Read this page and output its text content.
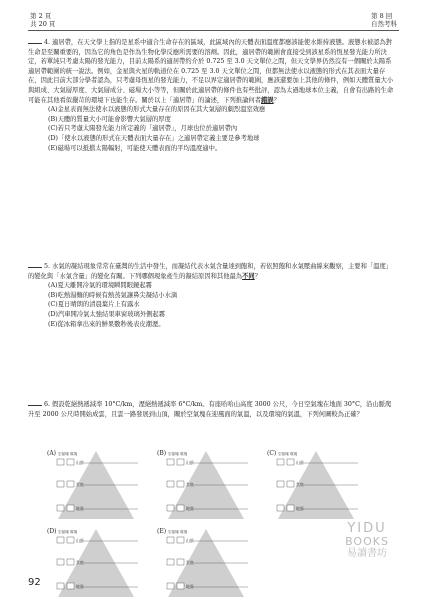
第 2 頁
共 20 頁
第 8 回
自然考科

4. 適居帶，在天文學上指的是星系中適合生命存在的區域，此區域內的天體表面溫度都應該能使水維持液態。液態水被認為對生命是至關重要的，因為它的角色是作為生物化學反應所需要的溶劑。因此，適居帶的範圍會直接受到該星系的恆星發光能力所決定，若單純只考慮太陽的發光能力，目前太陽系的適居帶約介於 0.725 至 3.0 天文單位之間，但天文學界仍然沒有一個關於太陽系適居帶範圍的統一說法。例如，金星與火星的軌道位在 0.725 至 3.0 天文單位之間，但都無法使水以液態的形式在其表面大量存在，因此目前大部分學者認為，只考慮母恆星的發光能力，不足以界定適居帶的範圍，應該還要加上其他的條件，例如天體質量大小與組成、大氣層厚度、大氣層成分、磁場大小等等，但關於此適居帶的條件也有些批評，認為太過地球本位主義，自會有出路的生命可能在其他看似嚴苛的環境下也能生存。關於以上「適居帶」的論述，下列推論何者錯誤？

(A)金星表面無法使水以液態的形式大量存在的原因在其大氣層的劇烈溫室效應
(B)天體的質量大小可能會影響大氣層的厚度
(C)若只考慮太陽發光能力所定義的「適居帶」，月球也位於適居帶內
(D)「使水以液態的形式在天體表面大量存在」之適居帶定義主要是參考地球
(E)磁場可以抵擋太陽輻射，可能使天體表面的平均溫度適中。

5. 水氣的凝結現象常常在臺灣的生活中發生，而凝結代表水氣含量達到飽和，若依照飽和水氣壓曲線來觀察，主要和「溫度」的變化與「水氣含量」的變化有關。下列哪個現象產生的凝結原因和其他最為不同？

(A)夏天離開冷氣的環境瞬間眼鏡起霧
(B)吃熱湯麵的時候有熱蒸氣讓鼻尖凝結小水滴
(C)夏日晴朗的清晨葉片上有露水
(D)汽車開冷氣太強結果車窗玻璃外側起霧
(E)從冰箱拿出來的鮮果數秒後表皮潮溼。

6. 假設乾絕熱遞減率 10°C/km，溼絕熱遞減率 6°C/km。有座哈哈山高度 3000 公尺，今日空氣塊在地面 30°C，沿山脈爬升至 2000 公尺時開始成雲，且雲一路發展到山頂，關於空氣塊在迎風面的氣溫，以及環境的氣溫，下列何圖較為正確？

(A) 空氣塊 環境
山頂
雲底
地面
(B) 空氣塊 環境
山頂
雲底
地面
(C) 空氣塊 環境
山頂
雲底
地面
(D) 空氣塊 環境
山頂
雲底
地面
(E) 空氣塊 環境
山頂
雲底
地面
YIDU
BOOKS
易讀書坊
92
